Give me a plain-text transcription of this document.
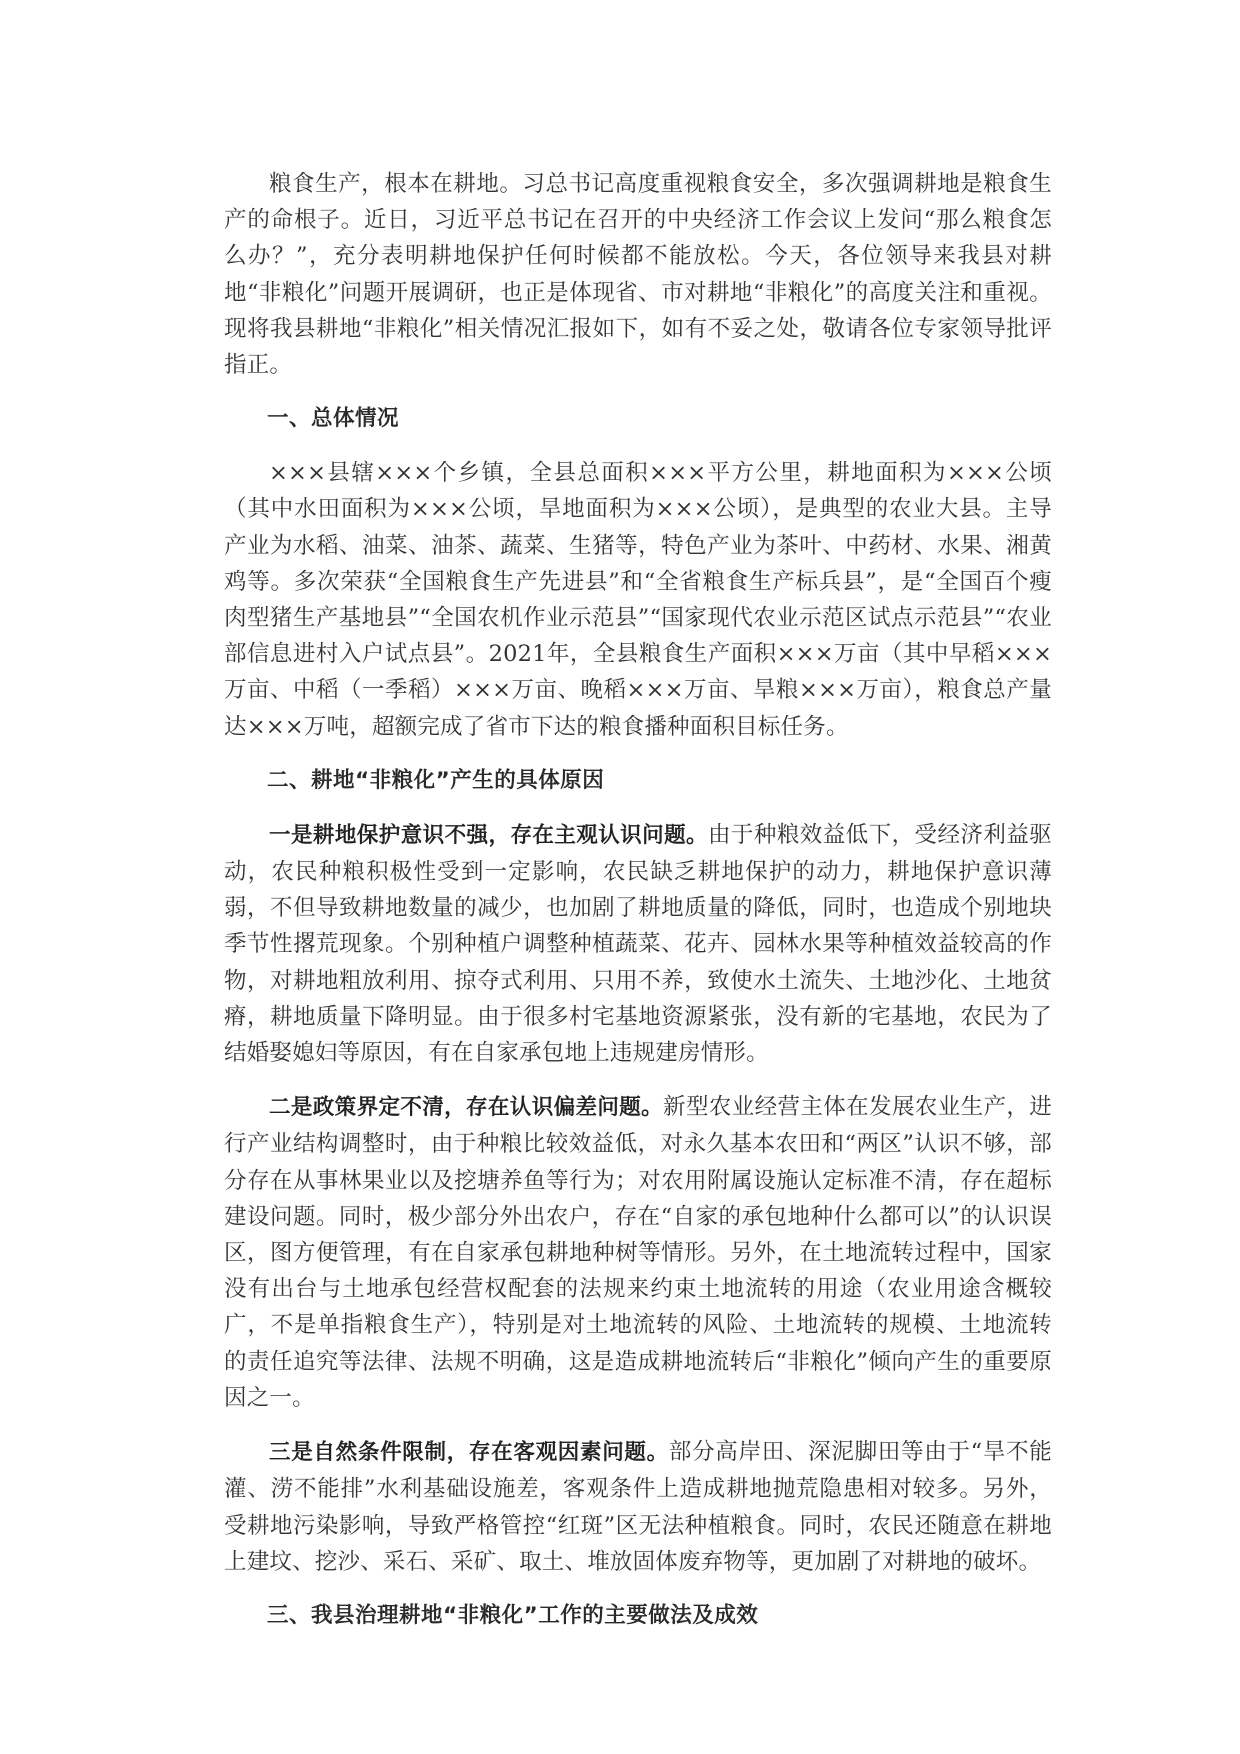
粮食生产，根本在耕地。习总书记高度重视粮食安全，多次强调耕地是粮食生产的命根子。近日，习近平总书记在召开的中央经济工作会议上发问“那么粮食怎么办？”，充分表明耕地保护任何时候都不能放松。今天，各位领导来我县对耕地“非粮化”问题开展调研，也正是体现省、市对耕地“非粮化”的高度关注和重视。现将我县耕地“非粮化”相关情况汇报如下，如有不妥之处，敬请各位专家领导批评指正。

一、总体情况

×××县辖×××个乡镇，全县总面积×××平方公里，耕地面积为×××公顷（其中水田面积为×××公顷，旱地面积为×××公顷），是典型的农业大县。主导产业为水稻、油菜、油茶、蔬菜、生猪等，特色产业为茶叶、中药材、水果、湘黄鸡等。多次荣获“全国粮食生产先进县”和“全省粮食生产标兵县”，是“全国百个瘦肉型猪生产基地县”“全国农机作业示范县”“国家现代农业示范区试点示范县”“农业部信息进村入户试点县”。2021年，全县粮食生产面积×××万亩（其中早稻×××万亩、中稻（一季稻）×××万亩、晚稻×××万亩、旱粮×××万亩），粮食总产量达×××万吨，超额完成了省市下达的粮食播种面积目标任务。

二、耕地“非粮化”产生的具体原因

一是耕地保护意识不强，存在主观认识问题。由于种粮效益低下，受经济利益驱动，农民种粮积极性受到一定影响，农民缺乏耕地保护的动力，耕地保护意识薄弱，不但导致耕地数量的减少，也加剧了耕地质量的降低，同时，也造成个别地块季节性撂荒现象。个别种植户调整种植蔬菜、花卉、园林水果等种植效益较高的作物，对耕地粗放利用、掠夺式利用、只用不养，致使水土流失、土地沙化、土地贫瘠，耕地质量下降明显。由于很多村宅基地资源紧张，没有新的宅基地，农民为了结婚娶媳妇等原因，有在自家承包地上违规建房情形。

二是政策界定不清，存在认识偏差问题。新型农业经营主体在发展农业生产，进行产业结构调整时，由于种粮比较效益低，对永久基本农田和“两区”认识不够，部分存在从事林果业以及挖塘养鱼等行为；对农用附属设施认定标准不清，存在超标建设问题。同时，极少部分外出农户，存在“自家的承包地种什么都可以”的认识误区，图方便管理，有在自家承包耕地种树等情形。另外，在土地流转过程中，国家没有出台与土地承包经营权配套的法规来约束土地流转的用途（农业用途含概较广，不是单指粮食生产），特别是对土地流转的风险、土地流转的规模、土地流转的责任追究等法律、法规不明确，这是造成耕地流转后“非粮化”倾向产生的重要原因之一。

三是自然条件限制，存在客观因素问题。部分高岸田、深泥脚田等由于“旱不能灌、涝不能排”水利基础设施差，客观条件上造成耕地抛荒隐患相对较多。另外，受耕地污染影响，导致严格管控“红斑”区无法种植粮食。同时，农民还随意在耕地上建坟、挖沙、采石、采矿、取土、堆放固体废弃物等，更加剧了对耕地的破坏。

三、我县治理耕地“非粮化”工作的主要做法及成效
